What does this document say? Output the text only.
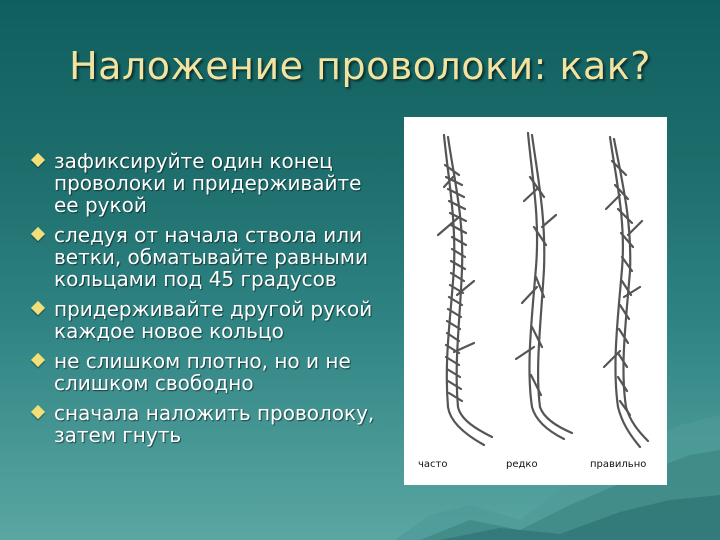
Наложение проволоки: как?
зафиксируйте один конец проволоки и придерживайте ее рукой
следуя от начала ствола или ветки, обматывайте равными кольцами под 45 градусов
придерживайте другой рукой каждое новое кольцо
не слишком плотно, но и не слишком свободно
сначала наложить проволоку, затем гнуть
часто	редко	правильно
